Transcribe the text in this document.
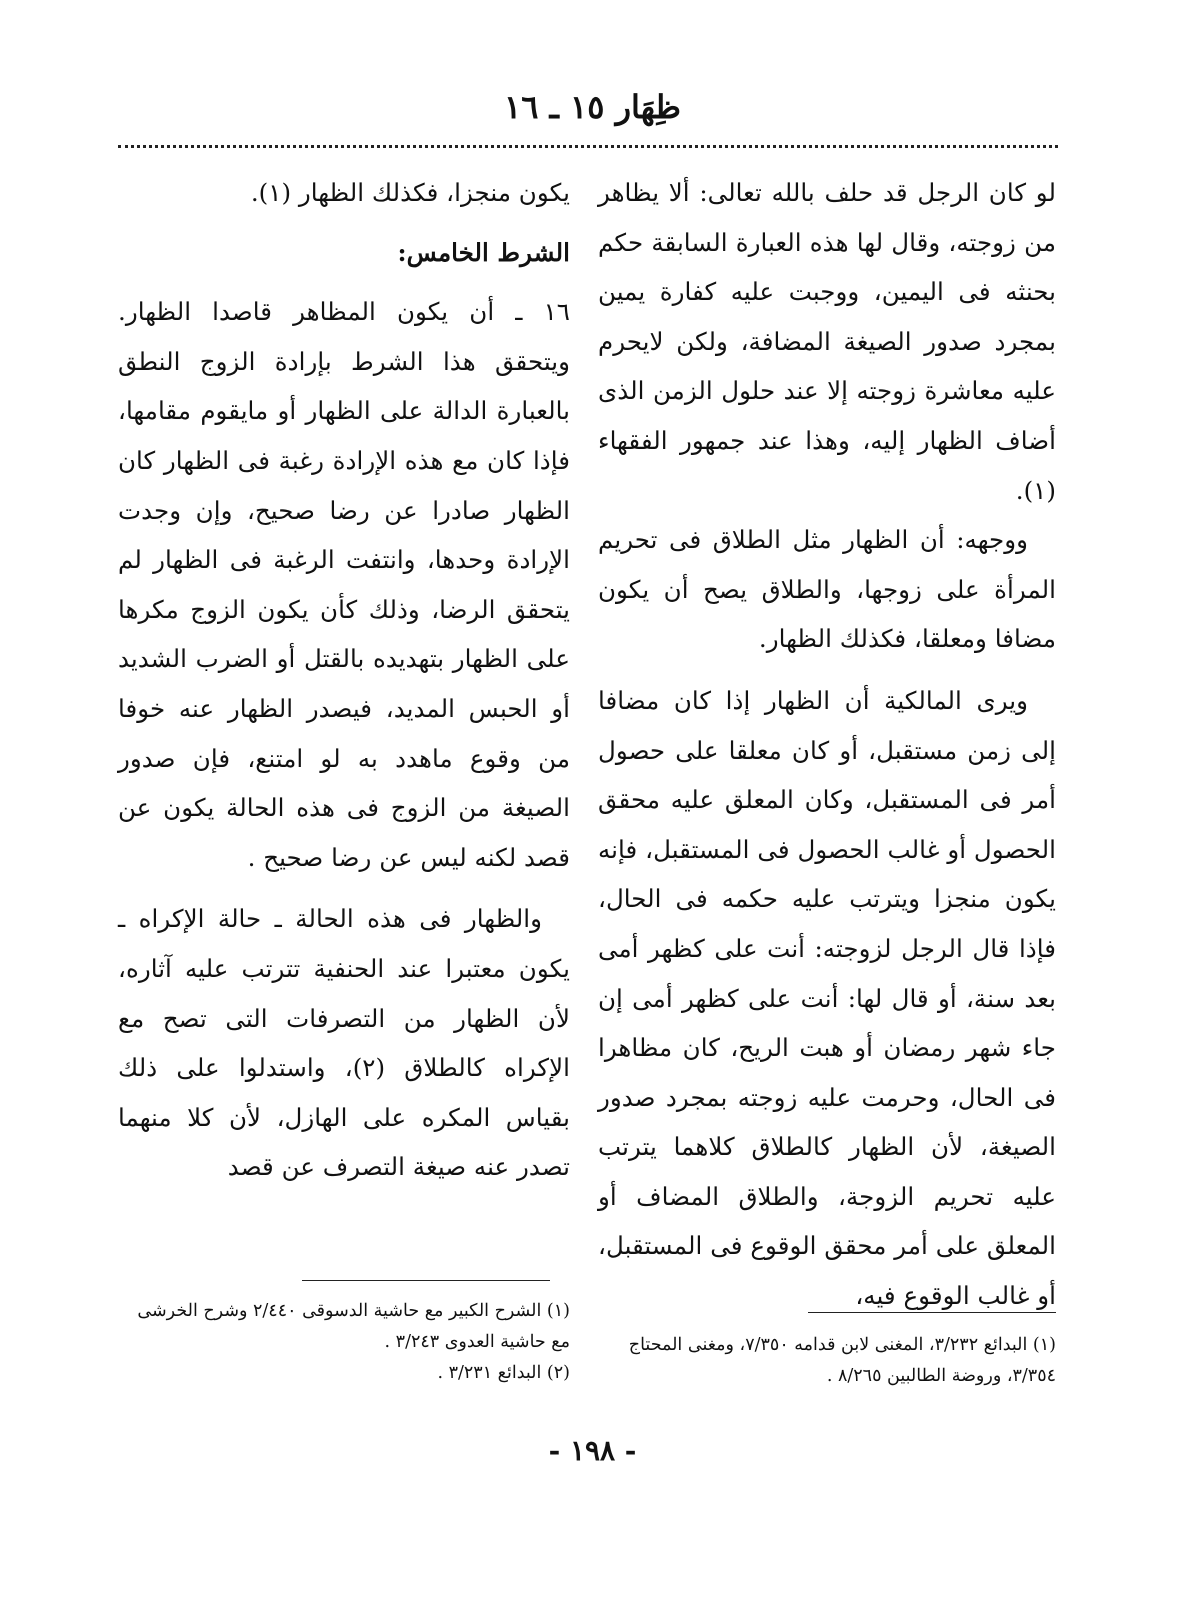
ظِهَار ١٥ ـ ١٦

لو كان الرجل قد حلف بالله تعالى: ألا يظاهر من زوجته، وقال لها هذه العبارة السابقة حكم بحنثه فى اليمين، ووجبت عليه كفارة يمين بمجرد صدور الصيغة المضافة، ولكن لايحرم عليه معاشرة زوجته إلا عند حلول الزمن الذى أضاف الظهار إليه، وهذا عند جمهور الفقهاء (١).

ووجهه: أن الظهار مثل الطلاق فى تحريم المرأة على زوجها، والطلاق يصح أن يكون مضافا ومعلقا، فكذلك الظهار.

ويرى المالكية أن الظهار إذا كان مضافا إلى زمن مستقبل، أو كان معلقا على حصول أمر فى المستقبل، وكان المعلق عليه محقق الحصول أو غالب الحصول فى المستقبل، فإنه يكون منجزا ويترتب عليه حكمه فى الحال، فإذا قال الرجل لزوجته: أنت على كظهر أمى بعد سنة، أو قال لها: أنت على كظهر أمى إن جاء شهر رمضان أو هبت الريح، كان مظاهرا فى الحال، وحرمت عليه زوجته بمجرد صدور الصيغة، لأن الظهار كالطلاق كلاهما يترتب عليه تحريم الزوجة، والطلاق المضاف أو المعلق على أمر محقق الوقوع فى المستقبل، أو غالب الوقوع فيه،

يكون منجزا، فكذلك الظهار (١).

الشرط الخامس:

١٦ ـ أن يكون المظاهر قاصدا الظهار. ويتحقق هذا الشرط بإرادة الزوج النطق بالعبارة الدالة على الظهار أو مايقوم مقامها، فإذا كان مع هذه الإرادة رغبة فى الظهار كان الظهار صادرا عن رضا صحيح، وإن وجدت الإرادة وحدها، وانتفت الرغبة فى الظهار لم يتحقق الرضا، وذلك كأن يكون الزوج مكرها على الظهار بتهديده بالقتل أو الضرب الشديد أو الحبس المديد، فيصدر الظهار عنه خوفا من وقوع ماهدد به لو امتنع، فإن صدور الصيغة من الزوج فى هذه الحالة يكون عن قصد لكنه ليس عن رضا صحيح .

والظهار فى هذه الحالة ـ حالة الإكراه ـ يكون معتبرا عند الحنفية تترتب عليه آثاره، لأن الظهار من التصرفات التى تصح مع الإكراه كالطلاق (٢)، واستدلوا على ذلك بقياس المكره على الهازل، لأن كلا منهما تصدر عنه صيغة التصرف عن قصد

(١) البدائع ٣/٢٣٢، المغنى لابن قدامه ٧/٣٥٠، ومغنى المحتاج ٣/٣٥٤، وروضة الطالبين ٨/٢٦٥ .

(١) الشرح الكبير مع حاشية الدسوقى ٢/٤٤٠ وشرح الخرشى مع حاشية العدوى ٣/٢٤٣ .

(٢) البدائع ٣/٢٣١ .

- ١٩٨ -
